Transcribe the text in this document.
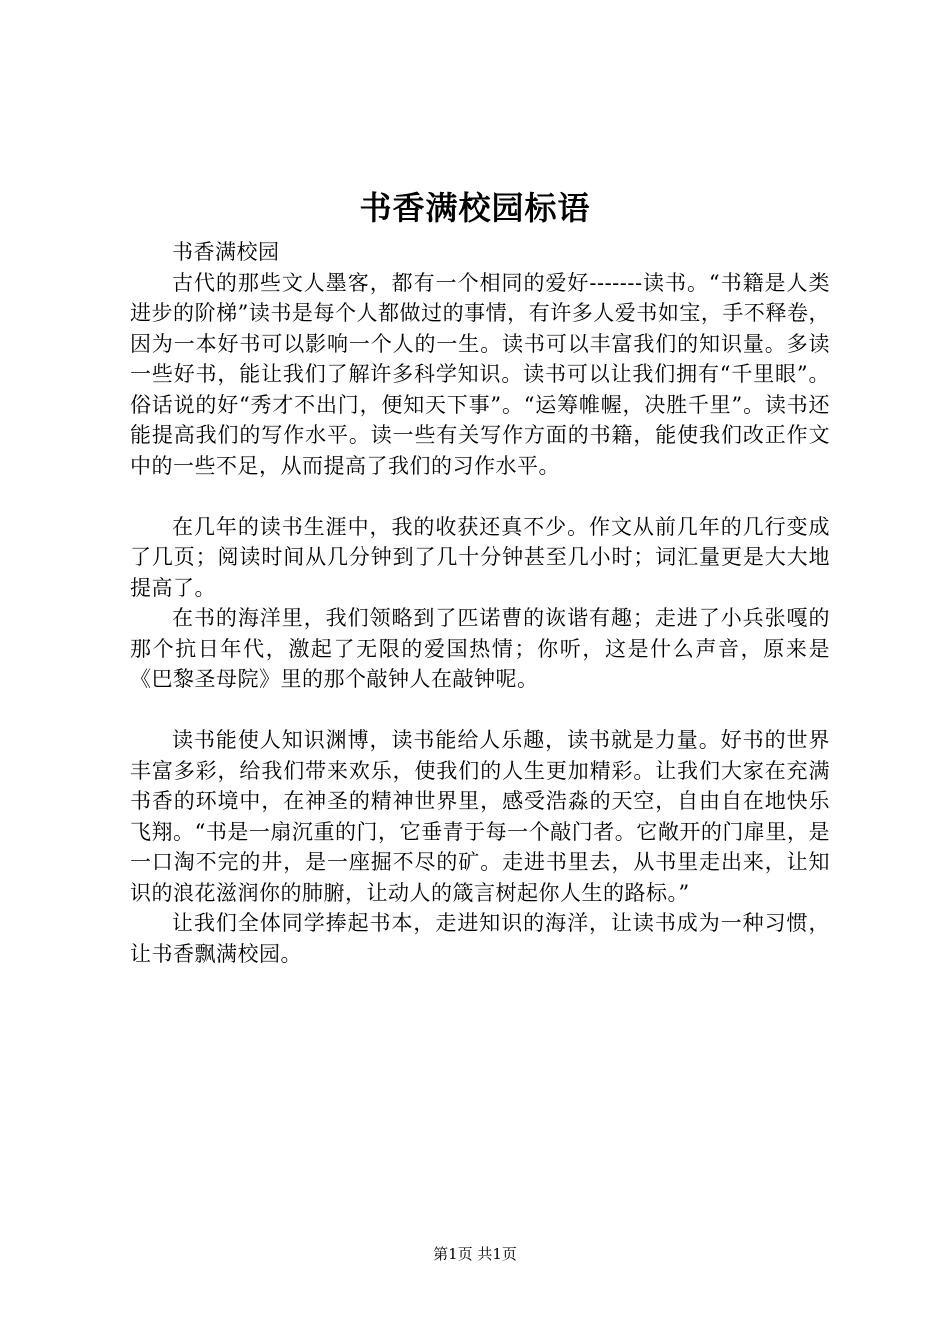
书香满校园标语

书香满校园

古代的那些文人墨客，都有一个相同的爱好-------读书。“书籍是人类进步的阶梯”读书是每个人都做过的事情，有许多人爱书如宝，手不释卷，因为一本好书可以影响一个人的一生。读书可以丰富我们的知识量。多读一些好书，能让我们了解许多科学知识。读书可以让我们拥有“千里眼”。俗话说的好“秀才不出门，便知天下事”。“运筹帷幄，决胜千里”。读书还能提高我们的写作水平。读一些有关写作方面的书籍，能使我们改正作文中的一些不足，从而提高了我们的习作水平。

在几年的读书生涯中，我的收获还真不少。作文从前几年的几行变成了几页；阅读时间从几分钟到了几十分钟甚至几小时；词汇量更是大大地提高了。

在书的海洋里，我们领略到了匹诺曹的诙谐有趣；走进了小兵张嘎的那个抗日年代，激起了无限的爱国热情；你听，这是什么声音，原来是《巴黎圣母院》里的那个敲钟人在敲钟呢。

读书能使人知识渊博，读书能给人乐趣，读书就是力量。好书的世界丰富多彩，给我们带来欢乐，使我们的人生更加精彩。让我们大家在充满书香的环境中，在神圣的精神世界里，感受浩淼的天空，自由自在地快乐飞翔。“书是一扇沉重的门，它垂青于每一个敲门者。它敞开的门扉里，是一口淘不完的井，是一座掘不尽的矿。走进书里去，从书里走出来，让知识的浪花滋润你的肺腑，让动人的箴言树起你人生的路标。”

让我们全体同学捧起书本，走进知识的海洋，让读书成为一种习惯，让书香飘满校园。

第1页 共1页
